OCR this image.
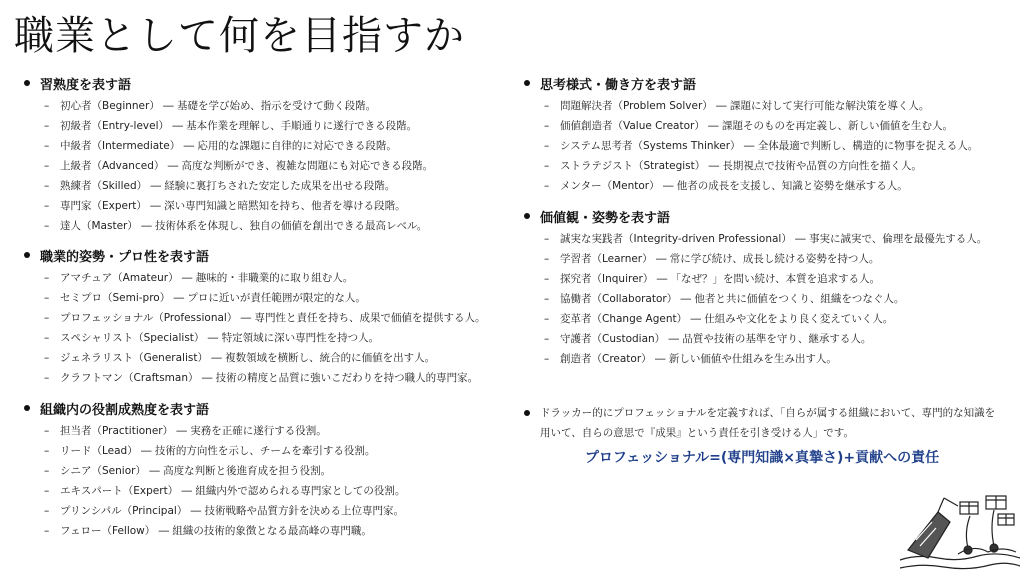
職業として何を目指すか
習熟度を表す語
–	初心者（Beginner） ― 基礎を学び始め、指示を受けて動く段階。
–	初級者（Entry-level） ― 基本作業を理解し、手順通りに遂行できる段階。
–	中級者（Intermediate） ― 応用的な課題に自律的に対応できる段階。
–	上級者（Advanced） ― 高度な判断ができ、複雑な問題にも対応できる段階。
–	熟練者（Skilled） ― 経験に裏打ちされた安定した成果を出せる段階。
–	専門家（Expert） ― 深い専門知識と暗黙知を持ち、他者を導ける段階。
–	達人（Master） ― 技術体系を体現し、独自の価値を創出できる最高レベル。
職業的姿勢・プロ性を表す語
–	アマチュア（Amateur） ― 趣味的・非職業的に取り組む人。
–	セミプロ（Semi-pro） ― プロに近いが責任範囲が限定的な人。
–	プロフェッショナル（Professional） ― 専門性と責任を持ち、成果で価値を提供する人。
–	スペシャリスト（Specialist） ― 特定領域に深い専門性を持つ人。
–	ジェネラリスト（Generalist） ― 複数領域を横断し、統合的に価値を出す人。
–	クラフトマン（Craftsman） ― 技術の精度と品質に強いこだわりを持つ職人的専門家。
組織内の役割成熟度を表す語
–	担当者（Practitioner） ― 実務を正確に遂行する役割。
–	リード（Lead） ― 技術的方向性を示し、チームを牽引する役割。
–	シニア（Senior） ― 高度な判断と後進育成を担う役割。
–	エキスパート（Expert） ― 組織内外で認められる専門家としての役割。
–	プリンシパル（Principal） ― 技術戦略や品質方針を決める上位専門家。
–	フェロー（Fellow） ― 組織の技術的象徴となる最高峰の専門職。
思考様式・働き方を表す語
–	問題解決者（Problem Solver） ― 課題に対して実行可能な解決策を導く人。
–	価値創造者（Value Creator） ― 課題そのものを再定義し、新しい価値を生む人。
–	システム思考者（Systems Thinker） ― 全体最適で判断し、構造的に物事を捉える人。
–	ストラテジスト（Strategist） ― 長期視点で技術や品質の方向性を描く人。
–	メンター（Mentor） ― 他者の成長を支援し、知識と姿勢を継承する人。
価値観・姿勢を表す語
–	誠実な実践者（Integrity-driven Professional） ― 事実に誠実で、倫理を最優先する人。
–	学習者（Learner） ― 常に学び続け、成長し続ける姿勢を持つ人。
–	探究者（Inquirer） ― 「なぜ？」を問い続け、本質を追求する人。
–	協働者（Collaborator） ― 他者と共に価値をつくり、組織をつなぐ人。
–	変革者（Change Agent） ― 仕組みや文化をより良く変えていく人。
–	守護者（Custodian） ― 品質や技術の基準を守り、継承する人。
–	創造者（Creator） ― 新しい価値や仕組みを生み出す人。
ドラッカー的にプロフェッショナルを定義すれば、「自らが属する組織において、専門的な知識を用いて、自らの意思で『成果』という責任を引き受ける人」です。
プロフェッショナル=(専門知識×真摯さ)+貢献への責任
